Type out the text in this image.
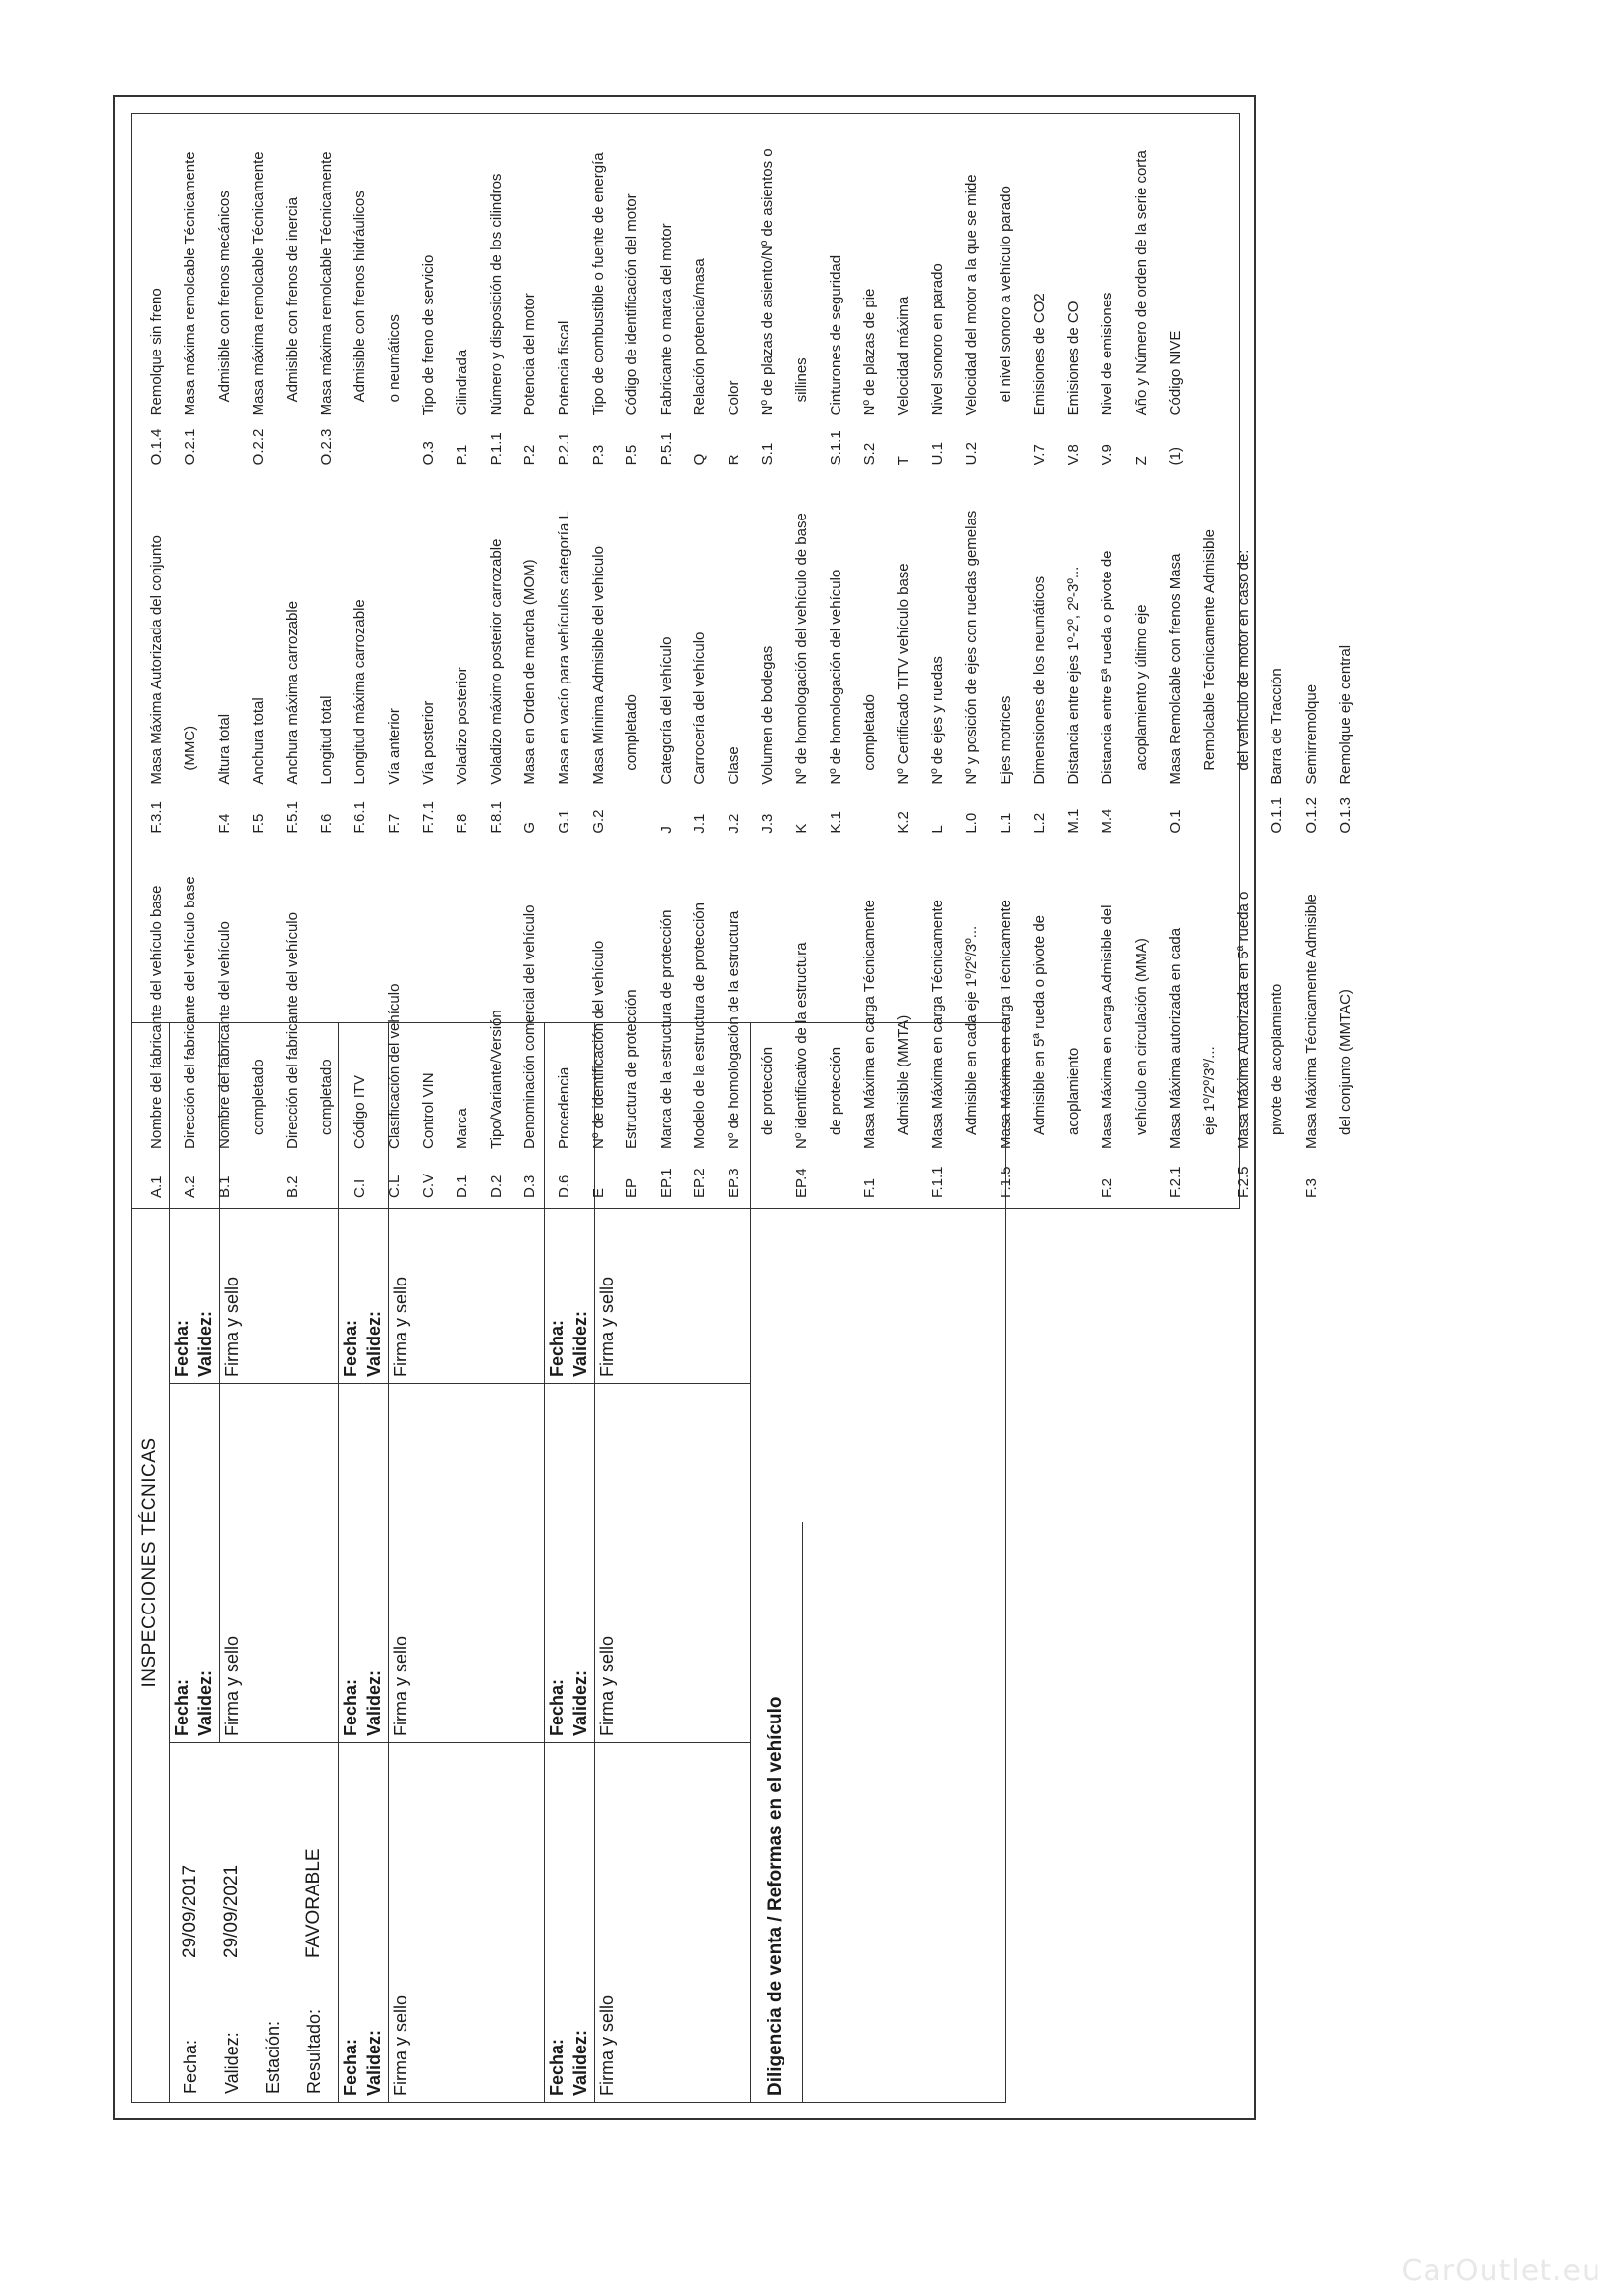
INSPECCIONES TÉCNICAS
Fecha:
29/09/2017
Validez:
29/09/2021
Estación: Resultado:
FAVORABLE
Fecha: Validez: Firma y sello
Fecha: Validez: Firma y sello
Fecha: Validez: Firma y sello
Fecha: Validez: Firma y sello
Fecha: Validez: Firma y sello
Fecha: Validez: Firma y sello
Fecha: Validez: Firma y sello
Fecha: Validez: Firma y sello
Diligencia de venta / Reformas en el vehículo
A.1
Nombre del fabricante del vehículo base
A.2
Dirección del fabricante del vehículo base
B.1
Nombre del fabricante del vehículo completado
B.2
Dirección del fabricante del vehículo completado
C.I
Código ITV
C.L
Clasificación del vehículo
C.V
Control VIN
D.1
Marca
D.2
Tipo/Variante/Versión
D.3
Denominación comercial del vehículo
D.6
Procedencia
E
Nº de identificación del vehículo
EP
Estructura de protección
EP.1
Marca de la estructura de protección
EP.2
Modelo de la estructura de protección
EP.3
Nº de homologación de la estructura de protección
EP.4
Nº identificativo de la estructura de protección
F.1
Masa Máxima en carga Técnicamente Admisible (MMTA)
F.1.1
Masa Máxima en carga Técnicamente Admisible en cada eje 1º/2º/3º...
F.1.5
Masa Máxima en carga Técnicamente Admisible en 5ª rueda o pivote de acoplamiento
F.2
Masa Máxima en carga Admisible del vehículo en circulación (MMA)
F.2.1
Masa Máxima autorizada en cada eje 1º/2º/3º/...
F.2.5
Masa Máxima Autorizada en 5ª rueda o pivote de acoplamiento
F.3
Masa Máxima Técnicamente Admisible del conjunto (MMTAC)
F.3.1
Masa Máxima Autorizada del conjunto (MMC)
F.4
Altura total
F.5
Anchura total
F.5.1
Anchura máxima carrozable
F.6
Longitud total
F.6.1
Longitud máxima carrozable
F.7
Vía anterior
F.7.1
Vía posterior
F.8
Voladizo posterior
F.8.1
Voladizo máximo posterior carrozable
G
Masa en Orden de marcha (MOM)
G.1
Masa en vacío para vehículos categoría L
G.2
Masa Mínima Admisible del vehículo completado
J
Categoría del vehículo
J.1
Carrocería del vehículo
J.2
Clase
J.3
Volumen de bodegas
K
Nº de homologación del vehículo de base
K.1
Nº de homologación del vehículo completado
K.2
Nº Certificado TITV vehículo base
L
Nº de ejes y ruedas
L.0
Nº y posición de ejes con ruedas gemelas
L.1
Ejes motrices
L.2
Dimensiones de los neumáticos
M.1
Distancia entre ejes 1º-2º, 2º-3º...
M.4
Distancia entre 5ª rueda o pivote de acoplamiento y último eje
O.1
Masa Remolcable con frenos Masa Remolcable Técnicamente Admisible del vehículo de motor en caso de:
O.1.1
Barra de Tracción
O.1.2
Semirremolque
O.1.3
Remolque eje central
O.1.4
Remolque sin freno
O.2.1
Masa máxima remolcable Técnicamente Admisible con frenos mecánicos
O.2.2
Masa máxima remolcable Técnicamente Admisible con frenos de inercia
O.2.3
Masa máxima remolcable Técnicamente Admisible con frenos hidráulicos o neumáticos
O.3
Tipo de freno de servicio
P.1
Cilindrada
P.1.1
Número y disposición de los cilindros
P.2
Potencia del motor
P.2.1
Potencia fiscal
P.3
Tipo de combustible o fuente de energía
P.5
Código de identificación del motor
P.5.1
Fabricante o marca del motor
Q
Relación potencia/masa
R
Color
S.1
Nº de plazas de asiento/Nº de asientos o sillines
S.1.1
Cinturones de seguridad
S.2
Nº de plazas de pie
T
Velocidad máxima
U.1
Nivel sonoro en parado
U.2
Velocidad del motor a la que se mide el nivel sonoro a vehículo parado
V.7
Emisiones de CO2
V.8
Emisiones de CO
V.9
Nivel de emisiones
Z
Año y Número de orden de la serie corta
(1)
Código NIVE
CarOutlet.eu
